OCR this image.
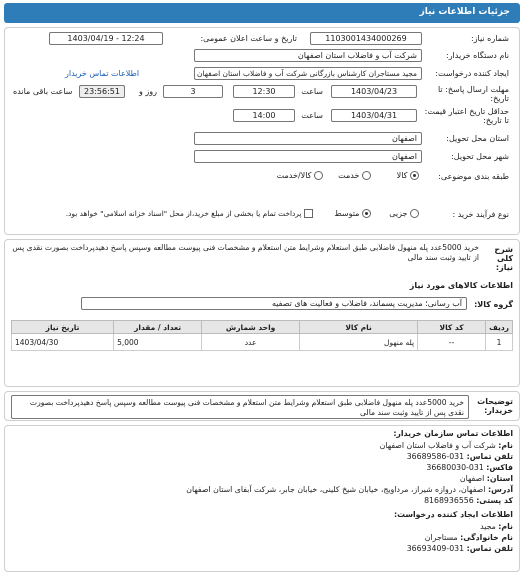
جزئیات اطلاعات نیاز
شماره نیاز:
1103001434000269
تاریخ و ساعت اعلان عمومی:
1403/04/19 - 12:24
نام دستگاه خریدار:
شرکت آب و فاضلاب استان اصفهان
ایجاد کننده درخواست:
مجید مستاجران کارشناس بازرگانی شرکت آب و فاضلاب استان اصفهان
اطلاعات تماس خریدار
مهلت ارسال پاسخ: تا تاریخ:
1403/04/23
ساعت
12:30
3
روز و
23:56:51
ساعت باقی مانده
حداقل تاریخ اعتبار قیمت: تا تاریخ:
1403/04/31
ساعت
14:00
استان محل تحویل:
اصفهان
شهر محل تحویل:
اصفهان
طبقه بندی موضوعی:
کالا
خدمت
کالا/خدمت
نوع فرآیند خرید :
جزیی
متوسط
پرداخت تمام یا بخشی از مبلغ خرید،از محل "اسناد خزانه اسلامی" خواهد بود.
شرح کلی نیاز:
خرید 5000عدد پله منهول فاضلابی طبق استعلام وشرایط متن استعلام و مشخصات فنی پیوست مطالعه وسپس پاسخ دهیدپرداخت بصورت نقدی پس از تایید وثبت سند مالی
اطلاعات کالاهای مورد نیاز
گروه کالا:
آب رسانی؛ مدیریت پسماند، فاضلاب و فعالیت های تصفیه
ردیف	کد کالا	نام کالا	واحد شمارش	تعداد / مقدار	تاریخ نیاز
1	--	پله منهول	عدد	5,000	1403/04/30
توضیحات خریدار:
خرید 5000عدد پله منهول فاضلابی طبق استعلام وشرایط متن استعلام و مشخصات فنی پیوست مطالعه وسپس پاسخ دهیدپرداخت بصورت نقدی پس از تایید وثبت سند مالی
اطلاعات تماس سازمان خریدار:
نام: شرکت آب و فاضلاب استان اصفهان
تلفن تماس: 031-36689586
فاکس: 031-36680030
استان: اصفهان
آدرس: اصفهان، دروازه شیراز، مرداویج، خیابان شیخ کلینی، خیابان جابر، شرکت آبفای استان اصفهان
کد پستی: 8168936556
اطلاعات ایجاد کننده درخواست:
نام: مجید
نام خانوادگی: مستاجران
تلفن تماس: 031-36693409
